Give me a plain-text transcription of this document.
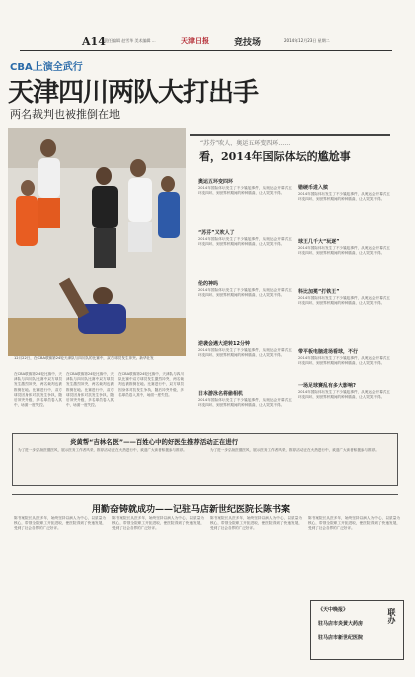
A14
责任编辑 赵雪华 美术编辑 ...	天津日报	竞技场	2014年12月23日 星期二
CBA上演全武行
天津四川两队大打出手
两名裁判也被推倒在地
12月22日，在CBA联赛第24轮天津队与四川队的比赛中，双方球员发生冲突。新华社发
在CBA联赛第24轮比赛中，天津队与四川队比赛中双方球员发生激烈冲突，两名裁判也被推倒在地。比赛进行中，双方球员因身体对抗发生争执，随后冲突升级，多名球员卷入其中，场面一度失控。
在CBA联赛第24轮比赛中，天津队与四川队比赛中双方球员发生激烈冲突，两名裁判也被推倒在地。比赛进行中，双方球员因身体对抗发生争执，随后冲突升级，多名球员卷入其中，场面一度失控。
在CBA联赛第24轮比赛中，天津队与四川队比赛中双方球员发生激烈冲突，两名裁判也被推倒在地。比赛进行中，双方球员因身体对抗发生争执，随后冲突升级，多名球员卷入其中，场面一度失控。
“苏芬”吹人、奥运五环变四环……
看，2014年国际体坛的尴尬事
奥运五环变四环
2014年国际体坛发生了不少尴尬事件，从奥运会开幕式五环变四环，到世界杯期间的种种插曲，让人哭笑不得。
“苏芬”又吹人了
2014年国际体坛发生了不少尴尬事件，从奥运会开幕式五环变四环，到世界杯期间的种种插曲，让人哭笑不得。
伦的神吗
2014年国际体坛发生了不少尴尬事件，从奥运会开幕式五环变四环，到世界杯期间的种种插曲，让人哭笑不得。
逆袭会遇大逆转12分钟
2014年国际体坛发生了不少尴尬事件，从奥运会开幕式五环变四环，到世界杯期间的种种插曲，让人哭笑不得。
日本游泳名将偷相机
2014年国际体坛发生了不少尴尬事件，从奥运会开幕式五环变四环，到世界杯期间的种种插曲，让人哭笑不得。
错硬币进入殡
2014年国际体坛发生了不少尴尬事件，从奥运会开幕式五环变四环，到世界杯期间的种种插曲，让人哭笑不得。
球王几千大“玩逐”
2014年国际体坛发生了不少尴尬事件，从奥运会开幕式五环变四环，到世界杯期间的种种插曲，让人哭笑不得。
科比加冕“打铁王”
2014年国际体坛发生了不少尴尬事件，从奥运会开幕式五环变四环，到世界杯期间的种种插曲，让人哭笑不得。
带平板电脑进场看球，不行
2014年国际体坛发生了不少尴尬事件，从奥运会开幕式五环变四环，到世界杯期间的种种插曲，让人哭笑不得。
一场足球赛乱有多大影响?
2014年国际体坛发生了不少尴尬事件，从奥运会开幕式五环变四环，到世界杯期间的种种插曲，让人哭笑不得。
炎黄帮“吉林名医”——百姓心中的好医生推荐活动正在进行
为了进一步弘扬医德医风，展示医务工作者风采，推荐活动正在火热进行中，欢迎广大读者积极参与推荐。	为了进一步弘扬医德医风，展示医务工作者风采，推荐活动正在火热进行中，欢迎广大读者积极参与推荐。
用勤奋铸就成功——记驻马店新世纪医院长陈书案
陈书案院长从医多年，始终坚持以病人为中心，以质量为核心，带领全院职工开拓进取，使医院得到了快速发展，受到了社会各界的广泛好评。
陈书案院长从医多年，始终坚持以病人为中心，以质量为核心，带领全院职工开拓进取，使医院得到了快速发展，受到了社会各界的广泛好评。
陈书案院长从医多年，始终坚持以病人为中心，以质量为核心，带领全院职工开拓进取，使医院得到了快速发展，受到了社会各界的广泛好评。
陈书案院长从医多年，始终坚持以病人为中心，以质量为核心，带领全院职工开拓进取，使医院得到了快速发展，受到了社会各界的广泛好评。
《天中晚报》
驻马店市炎黄大药房
驻马店市新世纪医院
联办
